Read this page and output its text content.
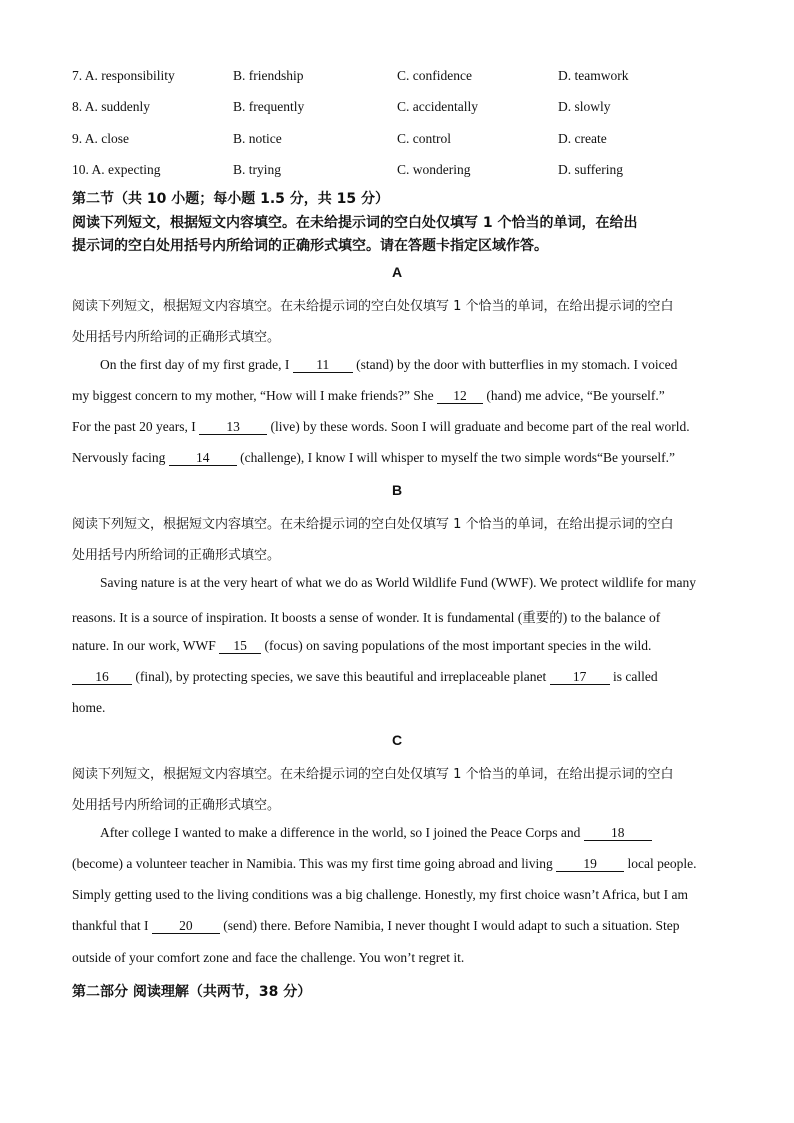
7. A. responsibility	B. friendship	C. confidence	D. teamwork
8. A. suddenly	B. frequently	C. accidentally	D. slowly
9. A. close	B. notice	C. control	D. create
10. A. expecting	B. trying	C. wondering	D. suffering
第二节（共 10 小题；每小题 1.5 分，共 15 分）
阅读下列短文，根据短文内容填空。在未给提示词的空白处仅填写 1 个恰当的单词，在给出
提示词的空白处用括号内所给词的正确形式填空。请在答题卡指定区域作答。
A
阅读下列短文，根据短文内容填空。在未给提示词的空白处仅填写 1 个恰当的单词，在给出提示词的空白
处用括号内所给词的正确形式填空。
On the first day of my first grade, I 11 (stand) by the door with butterflies in my stomach. I voiced
my biggest concern to my mother, “How will I make friends?” She 12 (hand) me advice, “Be yourself.”
For the past 20 years, I 13 (live) by these words. Soon I will graduate and become part of the real world.
Nervously facing 14 (challenge), I know I will whisper to myself the two simple words“Be yourself.”
B
阅读下列短文，根据短文内容填空。在未给提示词的空白处仅填写 1 个恰当的单词，在给出提示词的空白
处用括号内所给词的正确形式填空。
Saving nature is at the very heart of what we do as World Wildlife Fund (WWF). We protect wildlife for many
reasons. It is a source of inspiration. It boosts a sense of wonder. It is fundamental (重要的) to the balance of
nature. In our work, WWF 15 (focus) on saving populations of the most important species in the wild.
16 (final), by protecting species, we save this beautiful and irreplaceable planet 17 is called
home.
C
阅读下列短文，根据短文内容填空。在未给提示词的空白处仅填写 1 个恰当的单词，在给出提示词的空白
处用括号内所给词的正确形式填空。
After college I wanted to make a difference in the world, so I joined the Peace Corps and 18
(become) a volunteer teacher in Namibia. This was my first time going abroad and living 19 local people.
Simply getting used to the living conditions was a big challenge. Honestly, my first choice wasn’t Africa, but I am
thankful that I 20 (send) there. Before Namibia, I never thought I would adapt to such a situation. Step
outside of your comfort zone and face the challenge. You won’t regret it.
第二部分 阅读理解（共两节，38 分）
